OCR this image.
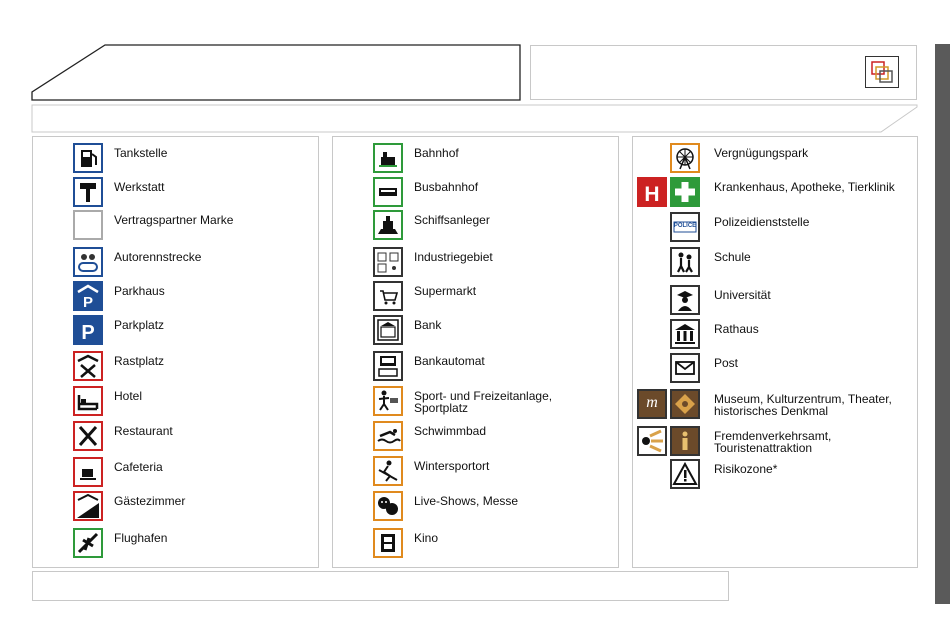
Tankstelle
Werkstatt
Vertragspartner Marke
Autorennstrecke
P
Parkhaus
P Parkplatz
Rastplatz
Hotel
Restaurant
Cafeteria
Gästezimmer
Flughafen
Bahnhof
Busbahnhof
Schiffsanleger
Industriegebiet
Supermarkt
Bank
Bankautomat
Sport- und Freizeitanlage, Sportplatz
Schwimmbad
Wintersportort
Live-Shows, Messe
Kino
Vergnügungspark
H	Krankenhaus, Apotheke, Tierklinik
POLICE Polizeidienststelle
Schule
Universität
Rathaus
Post
m	Museum, Kulturzentrum, Theater, historisches Denkmal
Fremdenverkehrsamt, Touristenattraktion
Risikozone*
